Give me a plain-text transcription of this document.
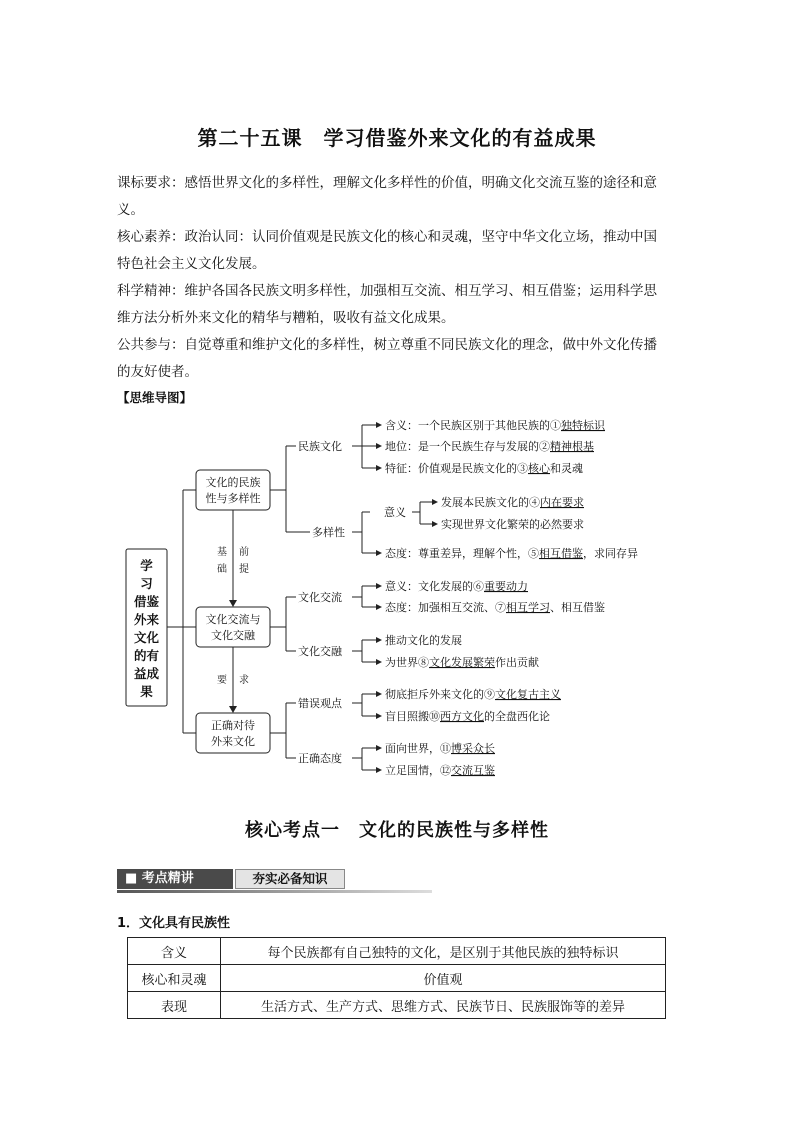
第二十五课　学习借鉴外来文化的有益成果
课标要求：感悟世界文化的多样性，理解文化多样性的价值，明确文化交流互鉴的途径和意
义。
核心素养：政治认同：认同价值观是民族文化的核心和灵魂，坚守中华文化立场，推动中国
特色社会主义文化发展。
科学精神：维护各国各民族文明多样性，加强相互交流、相互学习、相互借鉴；运用科学思
维方法分析外来文化的精华与糟粕，吸收有益文化成果。
公共参与：自觉尊重和维护文化的多样性，树立尊重不同民族文化的理念，做中外文化传播
的友好使者。
【思维导图】
学
习
借鉴
外来
文化
的有
益成
果
文化的民族
性与多样性
文化交流与
文化交融
正确对待
外来文化
基
础
前
提
要 求
民族文化
多样性
文化交流
文化交融
错误观点
正确态度
意义
含义：一个民族区别于其他民族的①独特标识
地位：是一个民族生存与发展的②精神根基
特征：价值观是民族文化的③核心和灵魂
发展本民族文化的④内在要求
实现世界文化繁荣的必然要求
态度：尊重差异，理解个性，⑤相互借鉴，求同存异
意义：文化发展的⑥重要动力
态度：加强相互交流、⑦相互学习、相互借鉴
推动文化的发展
为世界⑧文化发展繁荣作出贡献
彻底拒斥外来文化的⑨文化复古主义
盲目照搬⑩西方文化的全盘西化论
面向世界，⑪博采众长
立足国情，⑫交流互鉴
核心考点一　文化的民族性与多样性
■ 考点精讲	夯实必备知识
1．文化具有民族性
含义	每个民族都有自己独特的文化，是区别于其他民族的独特标识
核心和灵魂	价值观
表现	生活方式、生产方式、思维方式、民族节日、民族服饰等的差异
